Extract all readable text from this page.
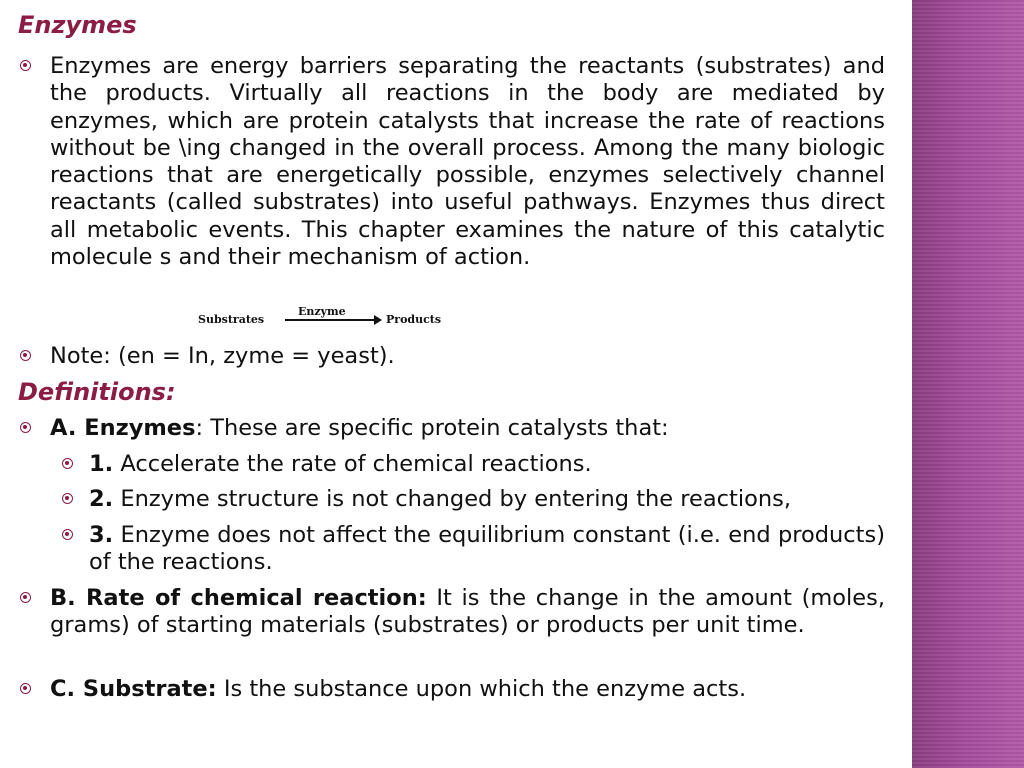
Enzymes
Enzymes are energy barriers separating the reactants (substrates) and the products. Virtually all reactions in the body are mediated by enzymes, which are protein catalysts that increase the rate of reactions without be \ing changed in the overall process. Among the many biologic reactions that are energetically possible, enzymes selectively channel reactants (called substrates) into useful pathways. Enzymes thus direct all metabolic events. This chapter examines the nature of this catalytic molecule s and their mechanism of action.
Substrates
Enzyme
Products
Note: (en = In, zyme = yeast).
Definitions:
A. Enzymes: These are specific protein catalysts that:
1. Accelerate the rate of chemical reactions.
2. Enzyme structure is not changed by entering the reactions,
3. Enzyme does not affect the equilibrium constant (i.e. end products) of the reactions.
B. Rate of chemical reaction: It is the change in the amount (moles, grams) of starting materials (substrates) or products per unit time.
C. Substrate: Is the substance upon which the enzyme acts.
